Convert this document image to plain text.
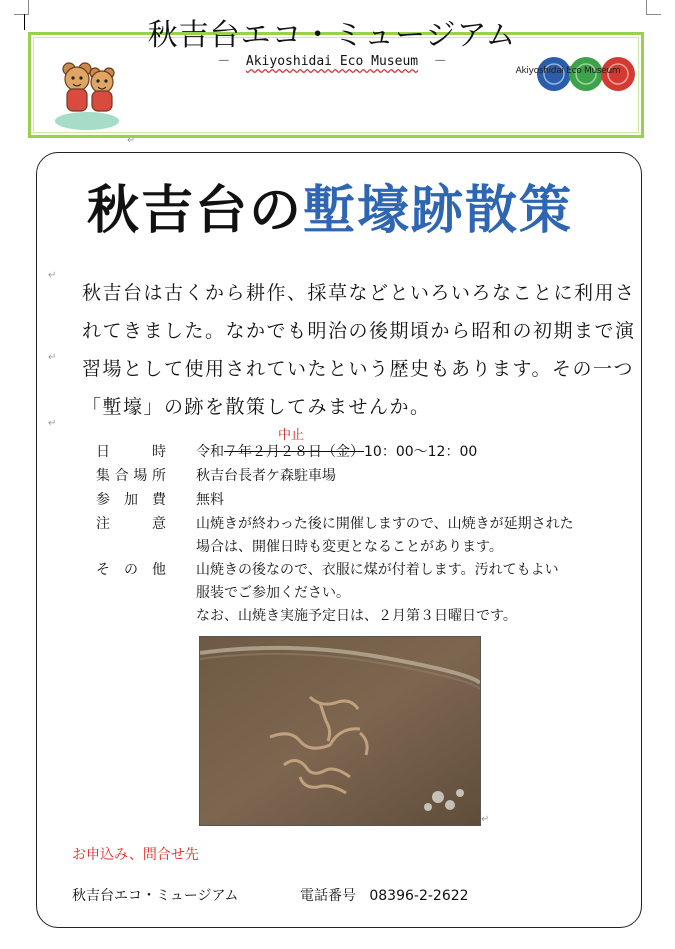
↵
秋吉台エコ・ミュージアム
－ Akiyoshidai Eco Museum －
Akiyoshidai Eco Museum
秋吉台の塹壕跡散策
↵
↵
↵
秋吉台は古くから耕作、採草などといろいろなことに利用されてきました。なかでも明治の後期頃から昭和の初期まで演習場として使用されていたという歴史もあります。その一つ「塹壕」の跡を散策してみませんか。
中止
日時 令和７年２月２８日（金）10：00～12：00
集合場所 秋吉台長者ケ森駐車場
参加費 無料
注意 山焼きが終わった後に開催しますので、山焼きが延期された
場合は、開催日時も変更となることがあります。
その他 山焼きの後なので、衣服に煤が付着します。汚れてもよい
服装でご参加ください。
なお、山焼き実施予定日は、２月第３日曜日です。
↵
お申込み、問合せ先
秋吉台エコ・ミュージアム	電話番号 08396-2-2622
